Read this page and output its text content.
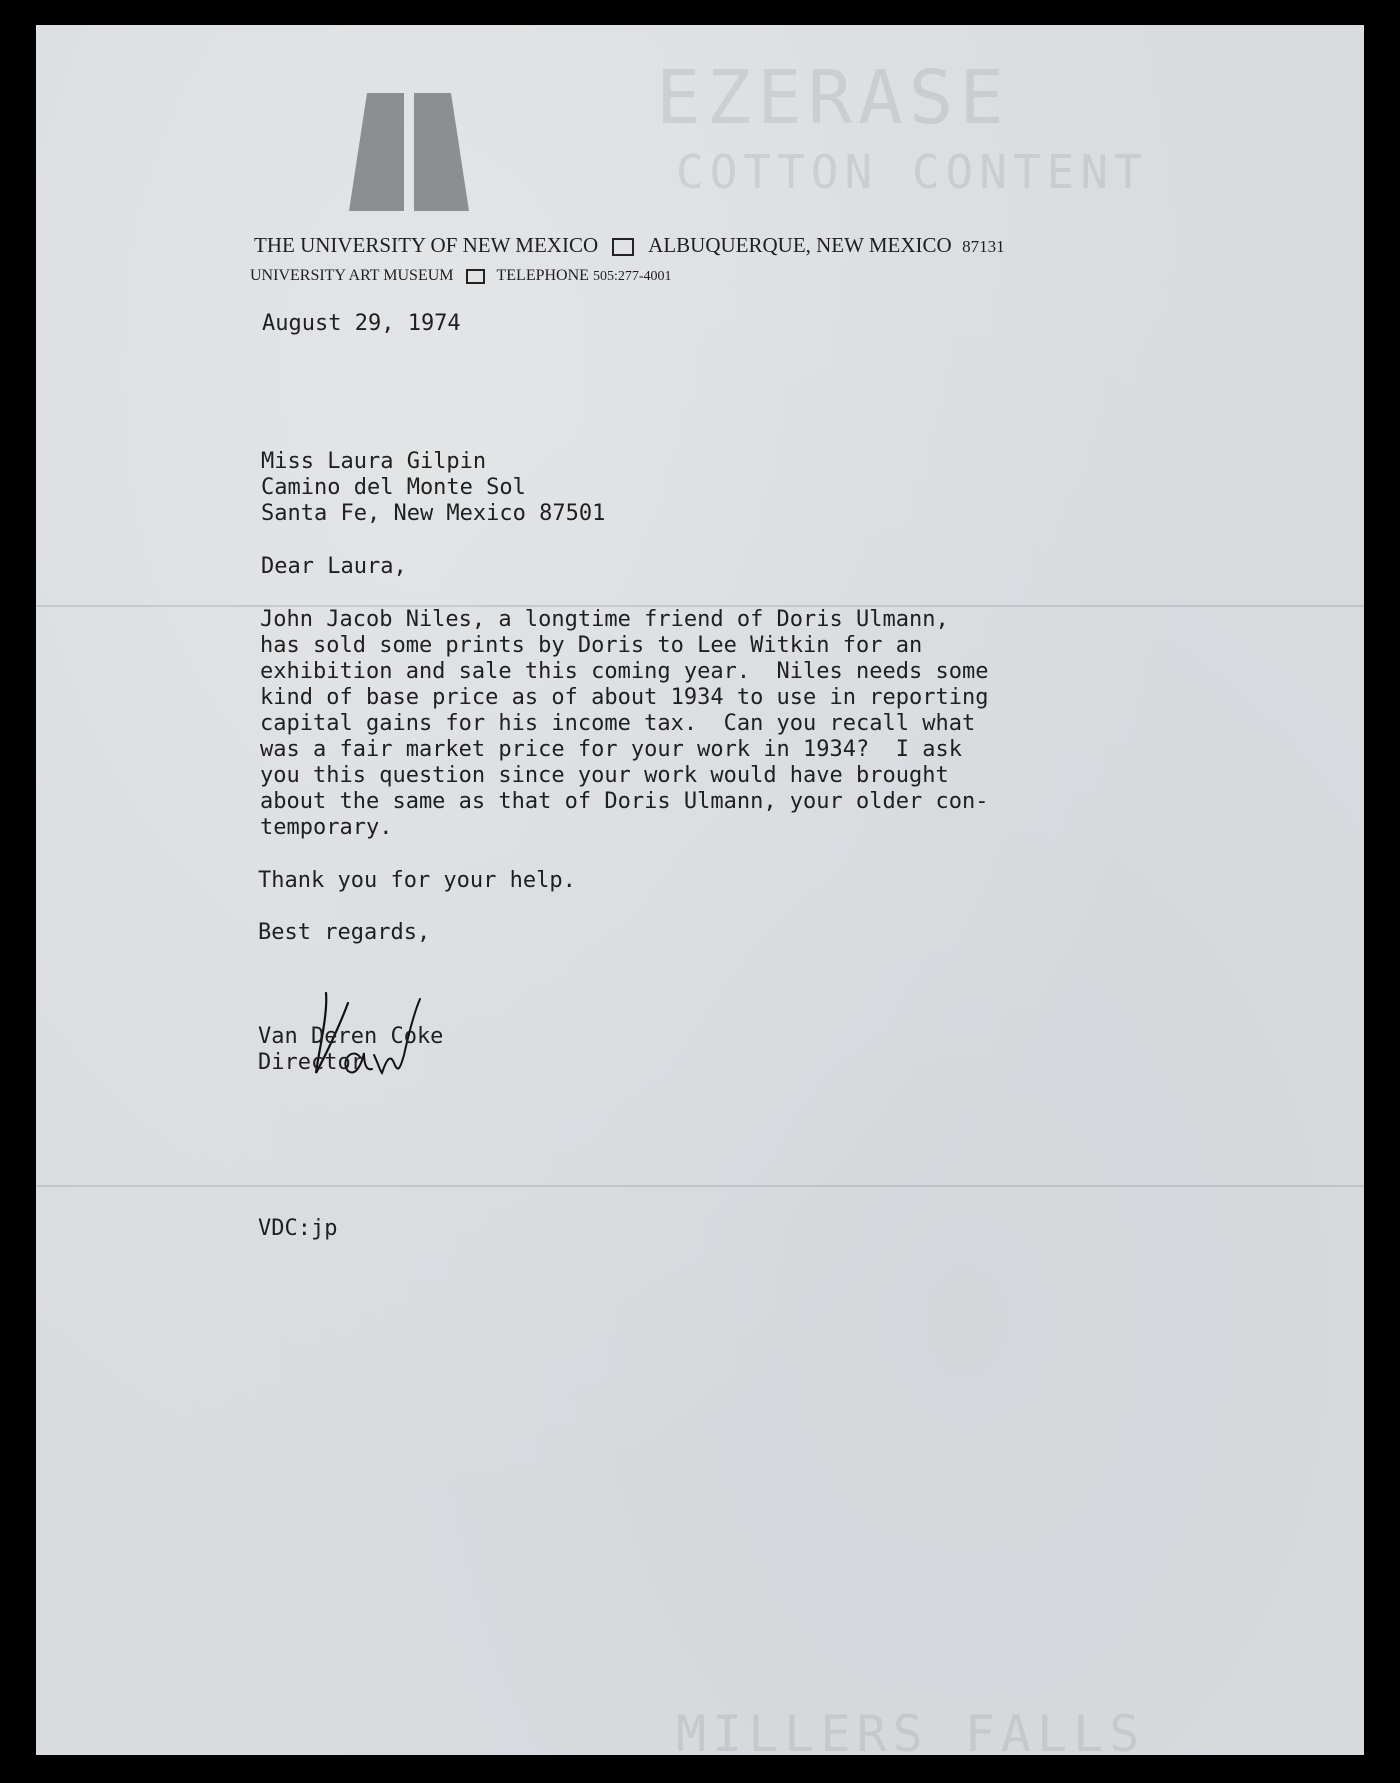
EZERASE
COTTON CONTENT
MILLERS FALLS
THE UNIVERSITY OF NEW MEXICO ALBUQUERQUE, NEW MEXICO 87131
UNIVERSITY ART MUSEUM	TELEPHONE 505:277-4001
August 29, 1974
Miss Laura Gilpin
Camino del Monte Sol
Santa Fe, New Mexico 87501
Dear Laura,
John Jacob Niles, a longtime friend of Doris Ulmann,
has sold some prints by Doris to Lee Witkin for an
exhibition and sale this coming year.  Niles needs some
kind of base price as of about 1934 to use in reporting
capital gains for his income tax.  Can you recall what
was a fair market price for your work in 1934?  I ask
you this question since your work would have brought
about the same as that of Doris Ulmann, your older con-
temporary.
Thank you for your help.
Best regards,
Van Deren Coke
Director
VDC:jp
